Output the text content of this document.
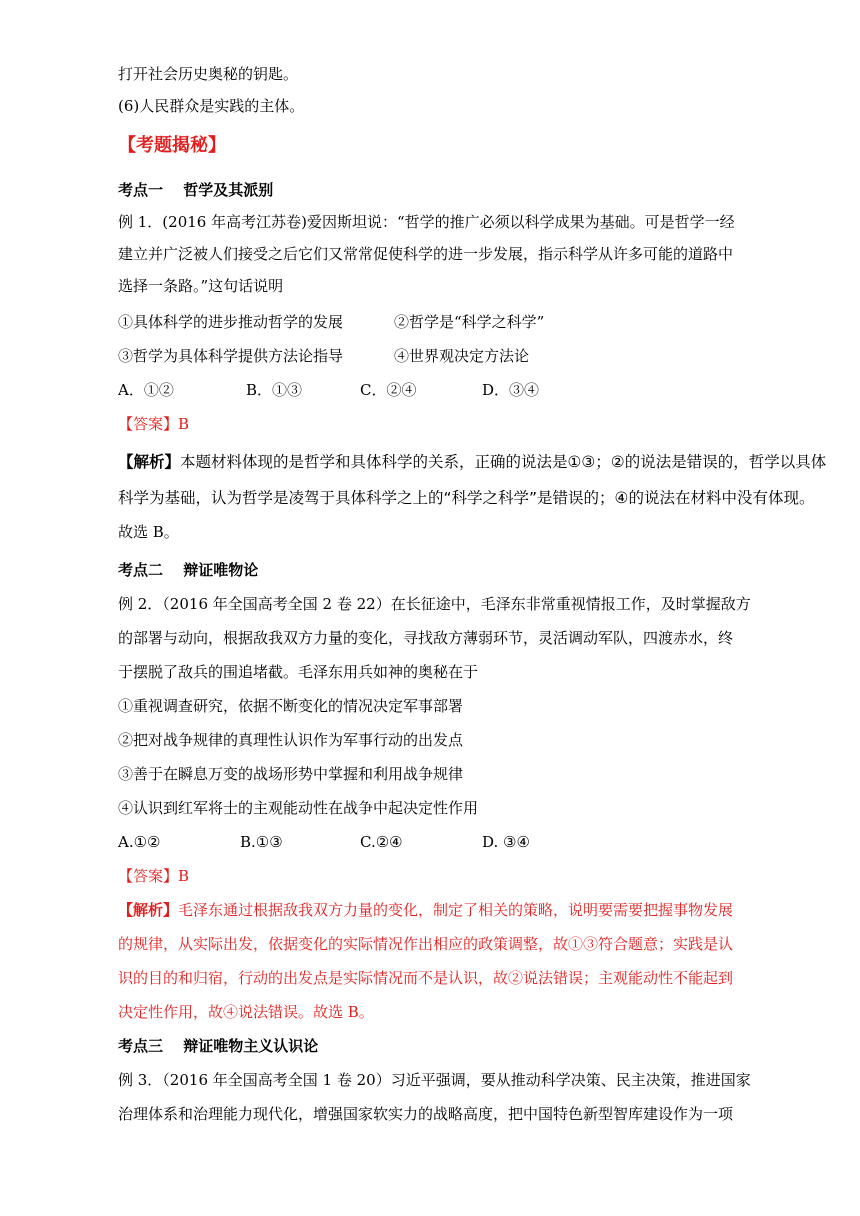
打开社会历史奥秘的钥匙。
(6)人民群众是实践的主体。
【考题揭秘】
考点一　 哲学及其派别
例 1．(2016 年高考江苏卷)爱因斯坦说：“哲学的推广必须以科学成果为基础。可是哲学一经
建立并广泛被人们接受之后它们又常常促使科学的进一步发展，指示科学从许多可能的道路中
选择一条路。”这句话说明
①具体科学的进步推动哲学的发展	②哲学是“科学之科学”
③哲学为具体科学提供方法论指导	④世界观决定方法论
A．①②	B．①③	C．②④	D．③④
【答案】B
【解析】本题材料体现的是哲学和具体科学的关系，正确的说法是①③；②的说法是错误的，哲学以具体
科学为基础，认为哲学是凌驾于具体科学之上的“科学之科学”是错误的；④的说法在材料中没有体现。
故选 B。
考点二　 辩证唯物论
例 2．（2016 年全国高考全国 2 卷 22）在长征途中，毛泽东非常重视情报工作，及时掌握敌方
的部署与动向，根据敌我双方力量的变化，寻找敌方薄弱环节，灵活调动军队，四渡赤水，终
于摆脱了敌兵的围追堵截。毛泽东用兵如神的奥秘在于
①重视调查研究，依据不断变化的情况决定军事部署
②把对战争规律的真理性认识作为军事行动的出发点
③善于在瞬息万变的战场形势中掌握和利用战争规律
④认识到红军将士的主观能动性在战争中起决定性作用
A.①②	B.①③	C.②④	D. ③④
【答案】B
【解析】毛泽东通过根据敌我双方力量的变化，制定了相关的策略，说明要需要把握事物发展
的规律，从实际出发，依据变化的实际情况作出相应的政策调整，故①③符合题意；实践是认
识的目的和归宿，行动的出发点是实际情况而不是认识，故②说法错误；主观能动性不能起到
决定性作用，故④说法错误。故选 B。
考点三　 辩证唯物主义认识论
例 3．（2016 年全国高考全国 1 卷 20）习近平强调，要从推动科学决策、民主决策，推进国家
治理体系和治理能力现代化，增强国家软实力的战略高度，把中国特色新型智库建设作为一项
